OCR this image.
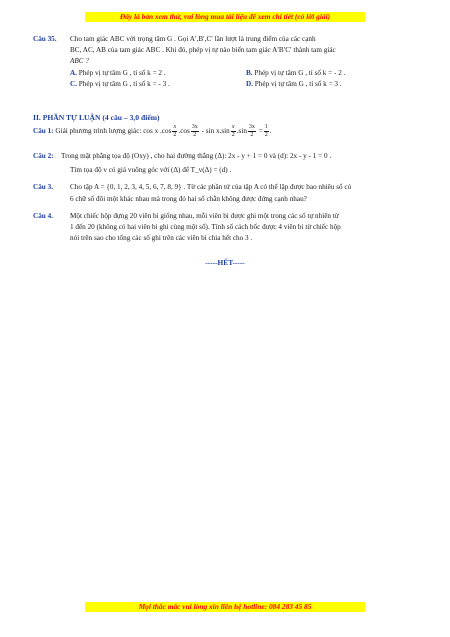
Đây là bản xem thử, vui lòng mua tài liệu để xem chi tiết (có lời giải)
Câu 35. Cho tam giác ABC với trọng tâm G . Gọi A′,B′,C′ lần lượt là trung điểm của các cạnh
BC, AC, AB của tam giác ABC . Khi đó, phép vị tự nào biến tam giác A′B′C′ thành tam giác
ABC ?
A. Phép vị tự tâm G , tỉ số k = 2 .	B. Phép vị tự tâm G , tỉ số k = - 2 .
C. Phép vị tự tâm G , tỉ số k = - 3 .	D. Phép vị tự tâm G , tỉ số k = 3 .
II. PHẦN TỰ LUẬN (4 câu – 3,0 điểm)
Câu 1: Giải phương trình lượng giác: cos x $.\cos \frac{x}{2} .\cos \frac{3x}{2} - \sin x.\sin \frac{x}{2} .\sin \frac{3x}{2} = \frac{1}{2}$ .
Câu 2: Trong mặt phẳng tọa độ (Oxy) , cho hai đường thẳng (Δ): 2x - y + 1 = 0 và (d): 2x - y - 1 = 0 .
Tìm tọa độ v có giá vuông góc với (Δ) để T_v(Δ) = (d) .
Câu 3. Cho tập A = {0, 1, 2, 3, 4, 5, 6, 7, 8, 9} . Từ các phần tử của tập A có thể lập được bao nhiêu số có
6 chữ số đôi một khác nhau mà trong đó hai số chẵn không được đứng cạnh nhau?
Câu 4. Một chiếc hộp đựng 20 viên bi giống nhau, mỗi viên bi được ghi một trong các số tự nhiên từ
1 đến 20 (không có hai viên bi ghi cùng một số). Tính số cách bốc được 4 viên bi từ chiếc hộp
nói trên sao cho tổng các số ghi trên các viên bi chia hết cho 3 .
-----HẾT-----
Mọi thắc mắc vui lòng xin liên hệ hotline: 084 283 45 85
